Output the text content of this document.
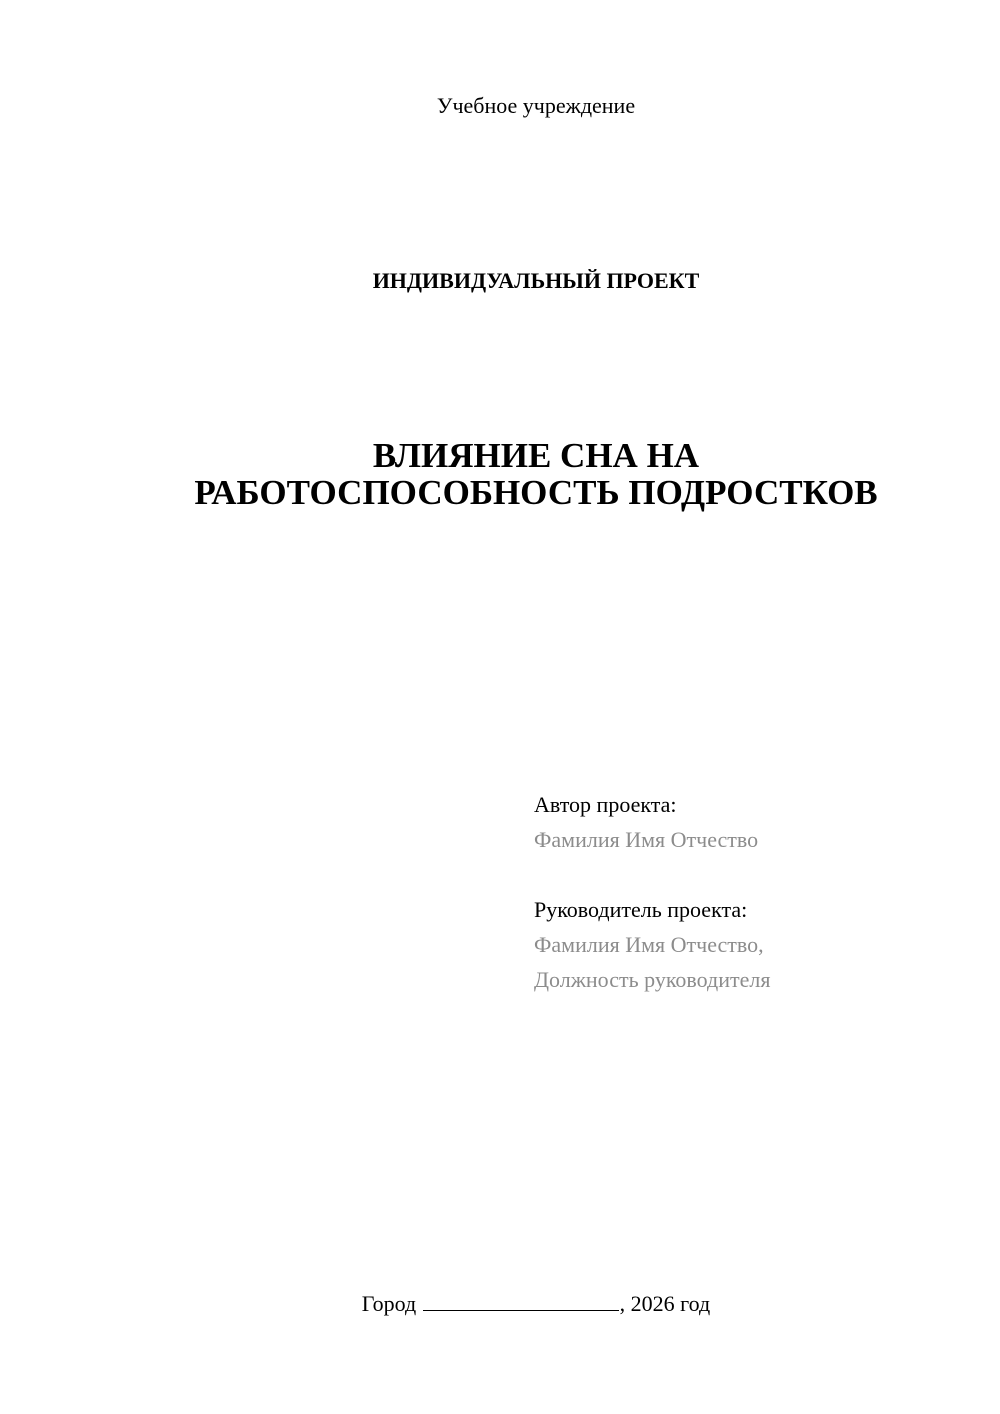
Учебное учреждение
ИНДИВИДУАЛЬНЫЙ ПРОЕКТ
ВЛИЯНИЕ СНА НА
РАБОТОСПОСОБНОСТЬ ПОДРОСТКОВ
Автор проекта:
Фамилия Имя Отчество
Руководитель проекта:
Фамилия Имя Отчество,
Должность руководителя
Город	, 2026 год
